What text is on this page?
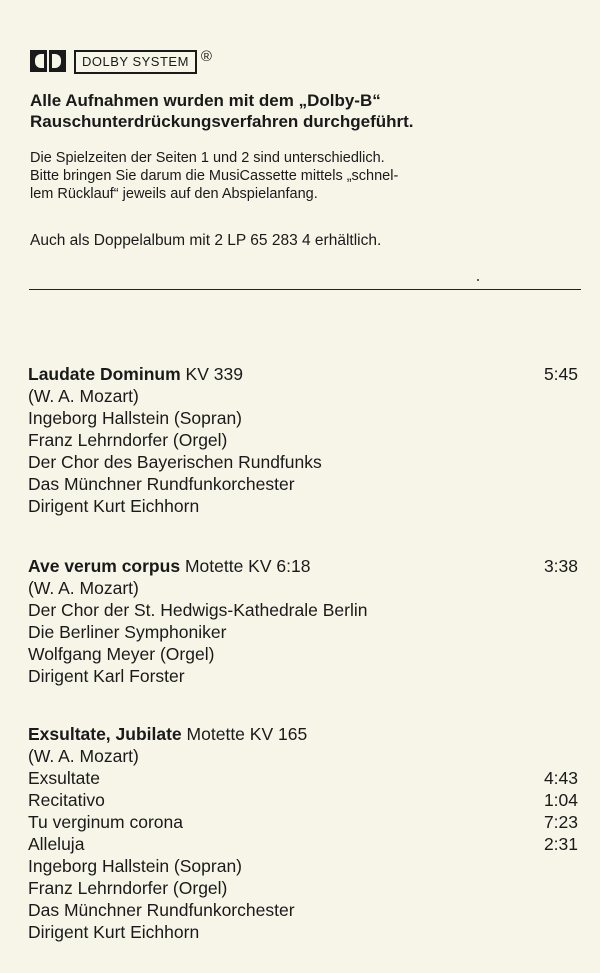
DOLBY SYSTEM ®

Alle Aufnahmen wurden mit dem „Dolby-B“
Rauschunterdrückungsverfahren durchgeführt.

Die Spielzeiten der Seiten 1 und 2 sind unterschiedlich.
Bitte bringen Sie darum die MusiCassette mittels „schnel-
lem Rücklauf“ jeweils auf den Abspielanfang.

Auch als Doppelalbum mit 2 LP 65 283 4 erhältlich.

Laudate Dominum KV 339	5:45
(W. A. Mozart)
Ingeborg Hallstein (Sopran)
Franz Lehrndorfer (Orgel)
Der Chor des Bayerischen Rundfunks
Das Münchner Rundfunkorchester
Dirigent Kurt Eichhorn
Ave verum corpus Motette KV 6:18	3:38
(W. A. Mozart)
Der Chor der St. Hedwigs-Kathedrale Berlin
Die Berliner Symphoniker
Wolfgang Meyer (Orgel)
Dirigent Karl Forster
Exsultate, Jubilate Motette KV 165
(W. A. Mozart)
Exsultate	4:43
Recitativo	1:04
Tu verginum corona	7:23
Alleluja	2:31
Ingeborg Hallstein (Sopran)
Franz Lehrndorfer (Orgel)
Das Münchner Rundfunkorchester
Dirigent Kurt Eichhorn
